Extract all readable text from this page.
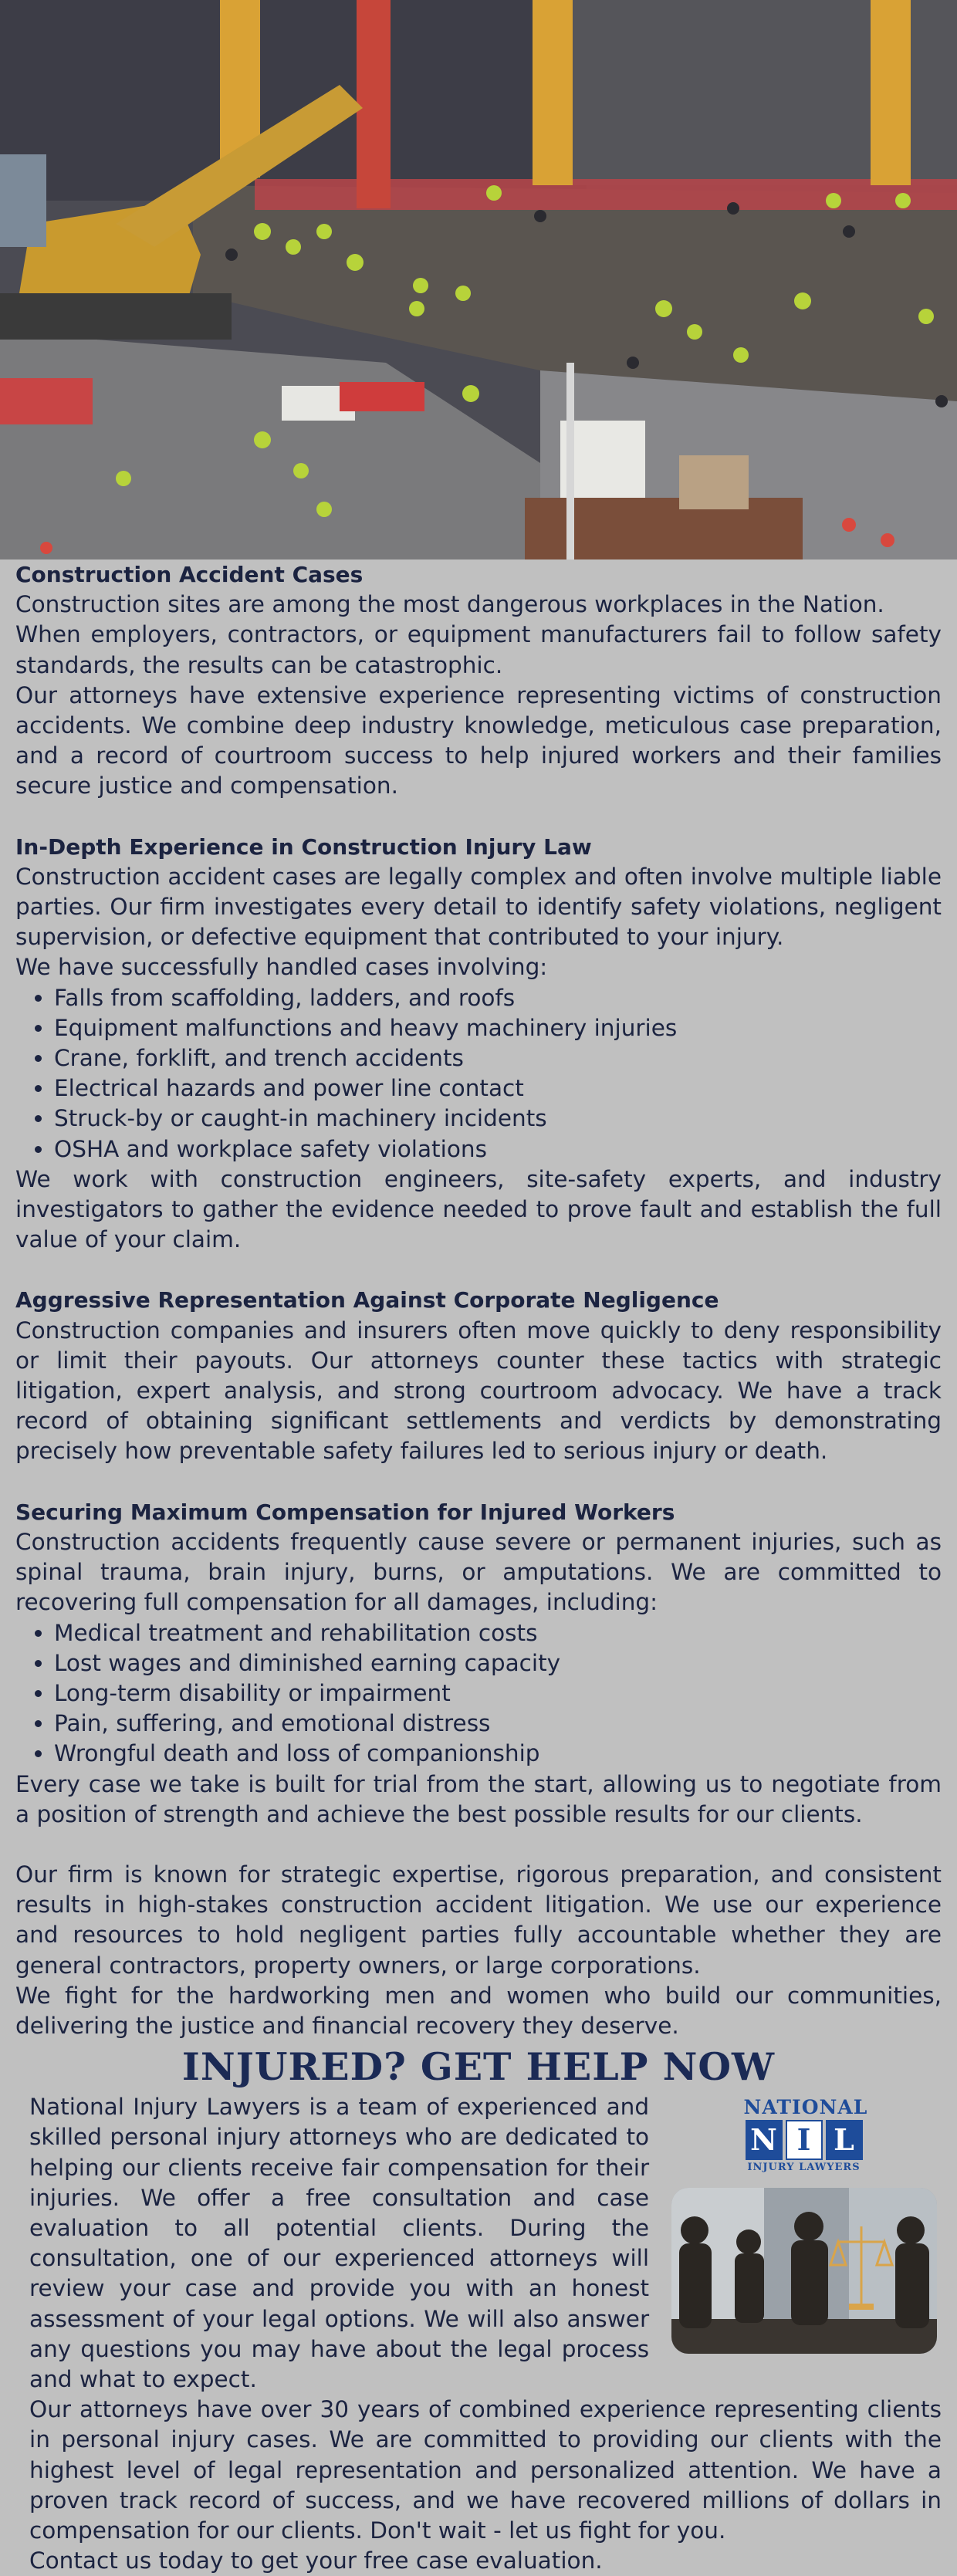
Construction Accident Cases

Construction sites are among the most dangerous workplaces in the Nation.

When employers, contractors, or equipment manufacturers fail to follow safety standards, the results can be catastrophic.

Our attorneys have extensive experience representing victims of construction accidents. We combine deep industry knowledge, meticulous case preparation, and a record of courtroom success to help injured workers and their families secure justice and compensation.

In-Depth Experience in Construction Injury Law

Construction accident cases are legally complex and often involve multiple liable parties. Our firm investigates every detail to identify safety violations, negligent supervision, or defective equipment that contributed to your injury.

We have successfully handled cases involving:

• Falls from scaffolding, ladders, and roofs
• Equipment malfunctions and heavy machinery injuries
• Crane, forklift, and trench accidents
• Electrical hazards and power line contact
• Struck-by or caught-in machinery incidents
• OSHA and workplace safety violations

We work with construction engineers, site-safety experts, and industry investigators to gather the evidence needed to prove fault and establish the full value of your claim.

Aggressive Representation Against Corporate Negligence

Construction companies and insurers often move quickly to deny responsibility or limit their payouts. Our attorneys counter these tactics with strategic litigation, expert analysis, and strong courtroom advocacy. We have a track record of obtaining significant settlements and verdicts by demonstrating precisely how preventable safety failures led to serious injury or death.

Securing Maximum Compensation for Injured Workers

Construction accidents frequently cause severe or permanent injuries, such as spinal trauma, brain injury, burns, or amputations. We are committed to recovering full compensation for all damages, including:

• Medical treatment and rehabilitation costs
• Lost wages and diminished earning capacity
• Long-term disability or impairment
• Pain, suffering, and emotional distress
• Wrongful death and loss of companionship

Every case we take is built for trial from the start, allowing us to negotiate from a position of strength and achieve the best possible results for our clients.

Our firm is known for strategic expertise, rigorous preparation, and consistent results in high-stakes construction accident litigation. We use our experience and resources to hold negligent parties fully accountable whether they are general contractors, property owners, or large corporations.

We fight for the hardworking men and women who build our communities, delivering the justice and financial recovery they deserve.

INJURED? GET HELP NOW

National Injury Lawyers is a team of experienced and skilled personal injury attorneys who are dedicated to helping our clients receive fair compensation for their injuries. We offer a free consultation and case evaluation to all potential clients. During the consultation, one of our experienced attorneys will review your case and provide you with an honest assessment of your legal options. We will also answer any questions you may have about the legal process and what to expect.

NATIONAL
N I L
INJURY LAWYERS

Our attorneys have over 30 years of combined experience representing clients in personal injury cases. We are committed to providing our clients with the highest level of legal representation and personalized attention. We have a proven track record of success, and we have recovered millions of dollars in compensation for our clients. Don't wait - let us fight for you.

Contact us today to get your free case evaluation.
